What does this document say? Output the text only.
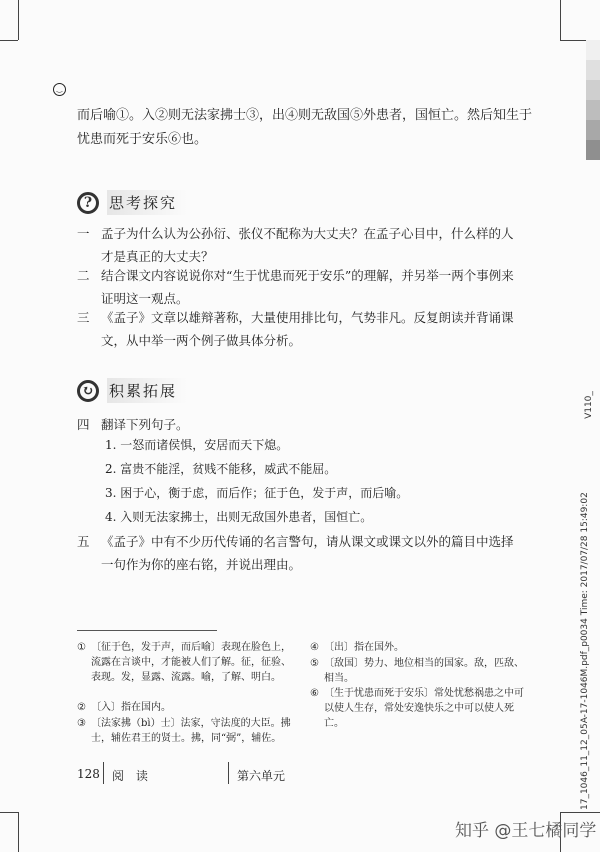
‿
而后喻①。入②则无法家拂士③，出④则无敌国⑤外患者，国恒亡。然后知生于
忧患而死于安乐⑥也。
?	思考探究
一 孟子为什么认为公孙衍、张仪不配称为大丈夫？在孟子心目中，什么样的人才是真正的大丈夫？
二 结合课文内容说说你对“生于忧患而死于安乐”的理解，并另举一两个事例来证明这一观点。
三 《孟子》文章以雄辩著称，大量使用排比句，气势非凡。反复朗读并背诵课文，从中举一两个例子做具体分析。
↻	积累拓展
四 翻译下列句子。
1. 一怒而诸侯惧，安居而天下熄。
2. 富贵不能淫，贫贱不能移，威武不能屈。
3. 困于心，衡于虑，而后作；征于色，发于声，而后喻。
4. 入则无法家拂士，出则无敌国外患者，国恒亡。
五 《孟子》中有不少历代传诵的名言警句，请从课文或课文以外的篇目中选择一句作为你的座右铭，并说出理由。
① 〔征于色，发于声，而后喻〕表现在脸色上，流露在言谈中，才能被人们了解。征，征验、表现。发，显露、流露。喻，了解、明白。
② 〔入〕指在国内。
③ 〔法家拂（bì）士〕法家，守法度的大臣。拂士，辅佐君王的贤士。拂，同“弼”，辅佐。
④ 〔出〕指在国外。
⑤ 〔敌国〕势力、地位相当的国家。敌，匹敌、相当。
⑥ 〔生于忧患而死于安乐〕常处忧愁祸患之中可以使人生存，常处安逸快乐之中可以使人死亡。
128 阅 读	第六单元
V110_
17_1046_11_12_05A-17-1046M.pdf_p0034 Time: 2017/07/28 15:49:02
知乎 @王七橘同学
